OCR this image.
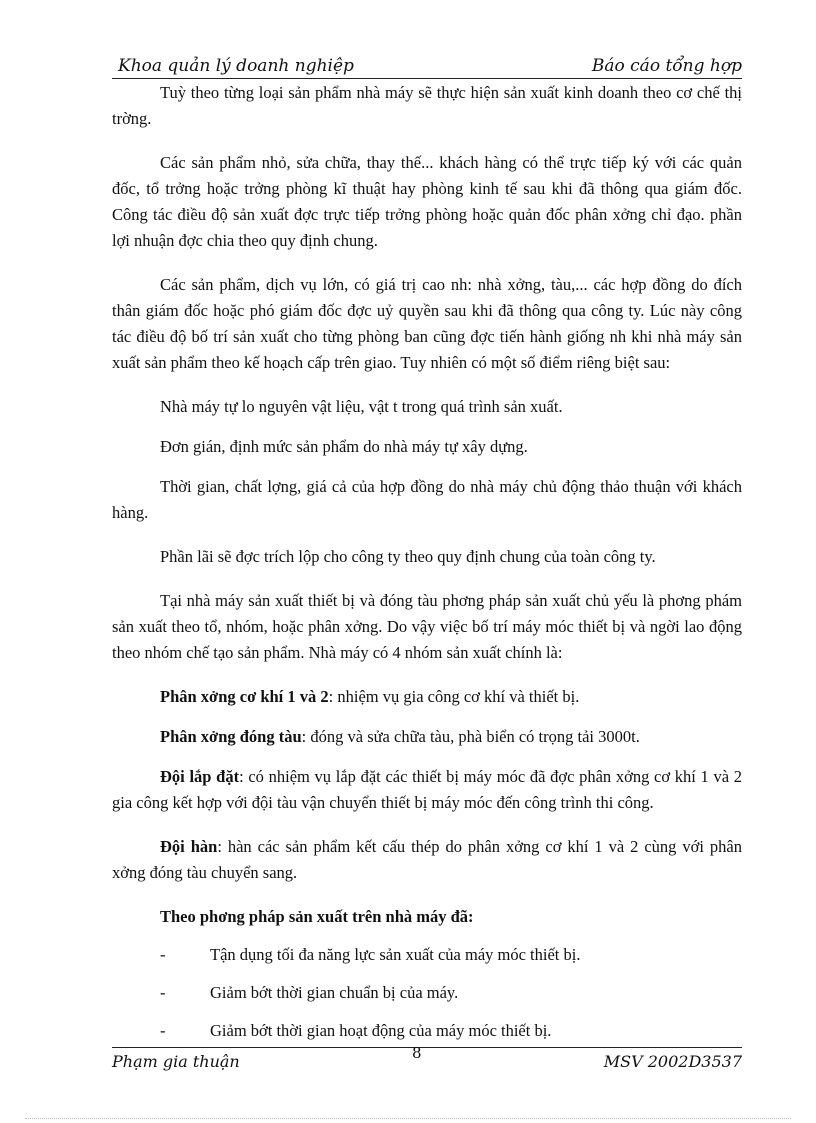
Khoa quản lý doanh nghiệp	Báo cáo tổng hợp

Tuỳ theo từng loại sản phẩm nhà máy sẽ thực hiện sản xuất kinh doanh theo cơ chế thị trờng.

Các sản phẩm nhỏ, sửa chữa, thay thế... khách hàng có thể trực tiếp ký với các quản đốc, tổ trởng hoặc trởng phòng kĩ thuật hay phòng kinh tế sau khi đã thông qua giám đốc. Công tác điều độ sản xuất đợc trực tiếp trởng phòng hoặc quản đốc phân xởng chỉ đạo. phần lợi nhuận đợc chia theo quy định chung.

Các sản phẩm, dịch vụ lớn, có giá trị cao nh: nhà xởng, tàu,... các hợp đồng do đích thân giám đốc hoặc phó giám đốc đợc uỷ quyền sau khi đã thông qua công ty. Lúc này công tác điều độ bố trí sản xuất cho từng phòng ban cũng đợc tiến hành giống nh khi nhà máy sản xuất sản phẩm theo kế hoạch cấp trên giao. Tuy nhiên có một số điểm riêng biệt sau:

Nhà máy tự lo nguyên vật liệu, vật t trong quá trình sản xuất.

Đơn gián, định mức sản phẩm do nhà máy tự xây dựng.

Thời gian, chất lợng, giá cả của hợp đồng do nhà máy chủ động thảo thuận với khách hàng.

Phần lãi sẽ đợc trích lộp cho công ty theo quy định chung của toàn công ty.

Tại nhà máy sản xuất thiết bị và đóng tàu phơng pháp sản xuất chủ yếu là phơng phám sản xuất theo tổ, nhóm, hoặc phân xởng. Do vậy việc bố trí máy móc thiết bị và ngời lao động theo nhóm chế tạo sản phẩm. Nhà máy có 4 nhóm sản xuất chính là:

Phân xởng cơ khí 1 và 2: nhiệm vụ gia công cơ khí và thiết bị.

Phân xởng đóng tàu: đóng và sửa chữa tàu, phà biển có trọng tải 3000t.

Đội lắp đặt: có nhiệm vụ lắp đặt các thiết bị máy móc đã đợc phân xởng cơ khí 1 và 2 gia công kết hợp với đội tàu vận chuyển thiết bị máy móc đến công trình thi công.

Đội hàn: hàn các sản phẩm kết cấu thép do phân xởng cơ khí 1 và 2 cùng với phân xởng đóng tàu chuyển sang.

Theo phơng pháp sản xuất trên nhà máy đã:
-	Tận dụng tối đa năng lực sản xuất của máy móc thiết bị.
-	Giảm bớt thời gian chuẩn bị của máy.
-	Giảm bớt thời gian hoạt động của máy móc thiết bị.
Phạm gia thuận	8	MSV 2002D3537
